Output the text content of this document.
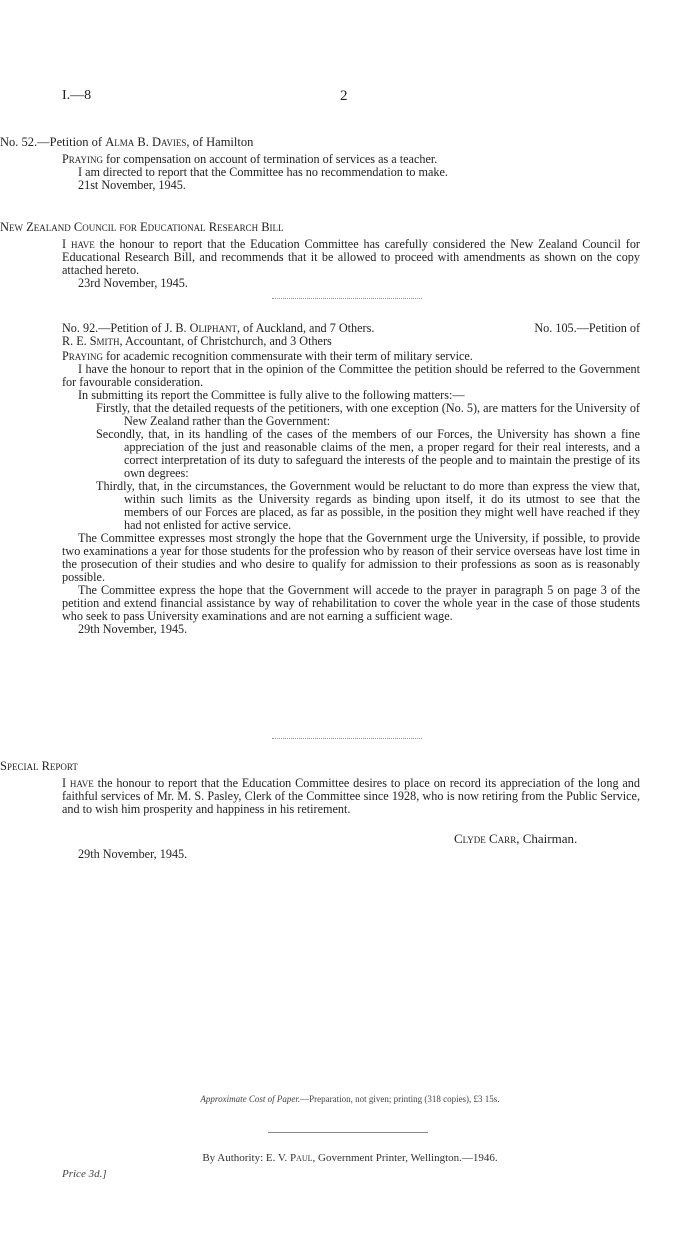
I.—8	2
No. 52.—Petition of Alma B. Davies, of Hamilton
Praying for compensation on account of termination of services as a teacher.
I am directed to report that the Committee has no recommendation to make.
21st November, 1945.
New Zealand Council for Educational Research Bill
I have the honour to report that the Education Committee has carefully considered the New Zealand Council for Educational Research Bill, and recommends that it be allowed to proceed with amendments as shown on the copy attached hereto.
23rd November, 1945.
No. 92.—Petition of J. B. Oliphant, of Auckland, and 7 Others.	No. 105.—Petition of
R. E. Smith, Accountant, of Christchurch, and 3 Others
Praying for academic recognition commensurate with their term of military service.
I have the honour to report that in the opinion of the Committee the petition should be referred to the Government for favourable consideration.
In submitting its report the Committee is fully alive to the following matters:—
Firstly, that the detailed requests of the petitioners, with one exception (No. 5), are matters for the University of New Zealand rather than the Government:
Secondly, that, in its handling of the cases of the members of our Forces, the University has shown a fine appreciation of the just and reasonable claims of the men, a proper regard for their real interests, and a correct interpretation of its duty to safeguard the interests of the people and to maintain the prestige of its own degrees:
Thirdly, that, in the circumstances, the Government would be reluctant to do more than express the view that, within such limits as the University regards as binding upon itself, it do its utmost to see that the members of our Forces are placed, as far as possible, in the position they might well have reached if they had not enlisted for active service.
The Committee expresses most strongly the hope that the Government urge the University, if possible, to provide two examinations a year for those students for the profession who by reason of their service overseas have lost time in the prosecution of their studies and who desire to qualify for admission to their professions as soon as is reasonably possible.
The Committee express the hope that the Government will accede to the prayer in paragraph 5 on page 3 of the petition and extend financial assistance by way of rehabilitation to cover the whole year in the case of those students who seek to pass University examinations and are not earning a sufficient wage.
29th November, 1945.
Special Report
I have the honour to report that the Education Committee desires to place on record its appreciation of the long and faithful services of Mr. M. S. Pasley, Clerk of the Committee since 1928, who is now retiring from the Public Service, and to wish him prosperity and happiness in his retirement.
Clyde Carr, Chairman.
29th November, 1945.
Approximate Cost of Paper.—Preparation, not given; printing (318 copies), £3 15s.
By Authority: E. V. Paul, Government Printer, Wellington.—1946.
Price 3d.]
